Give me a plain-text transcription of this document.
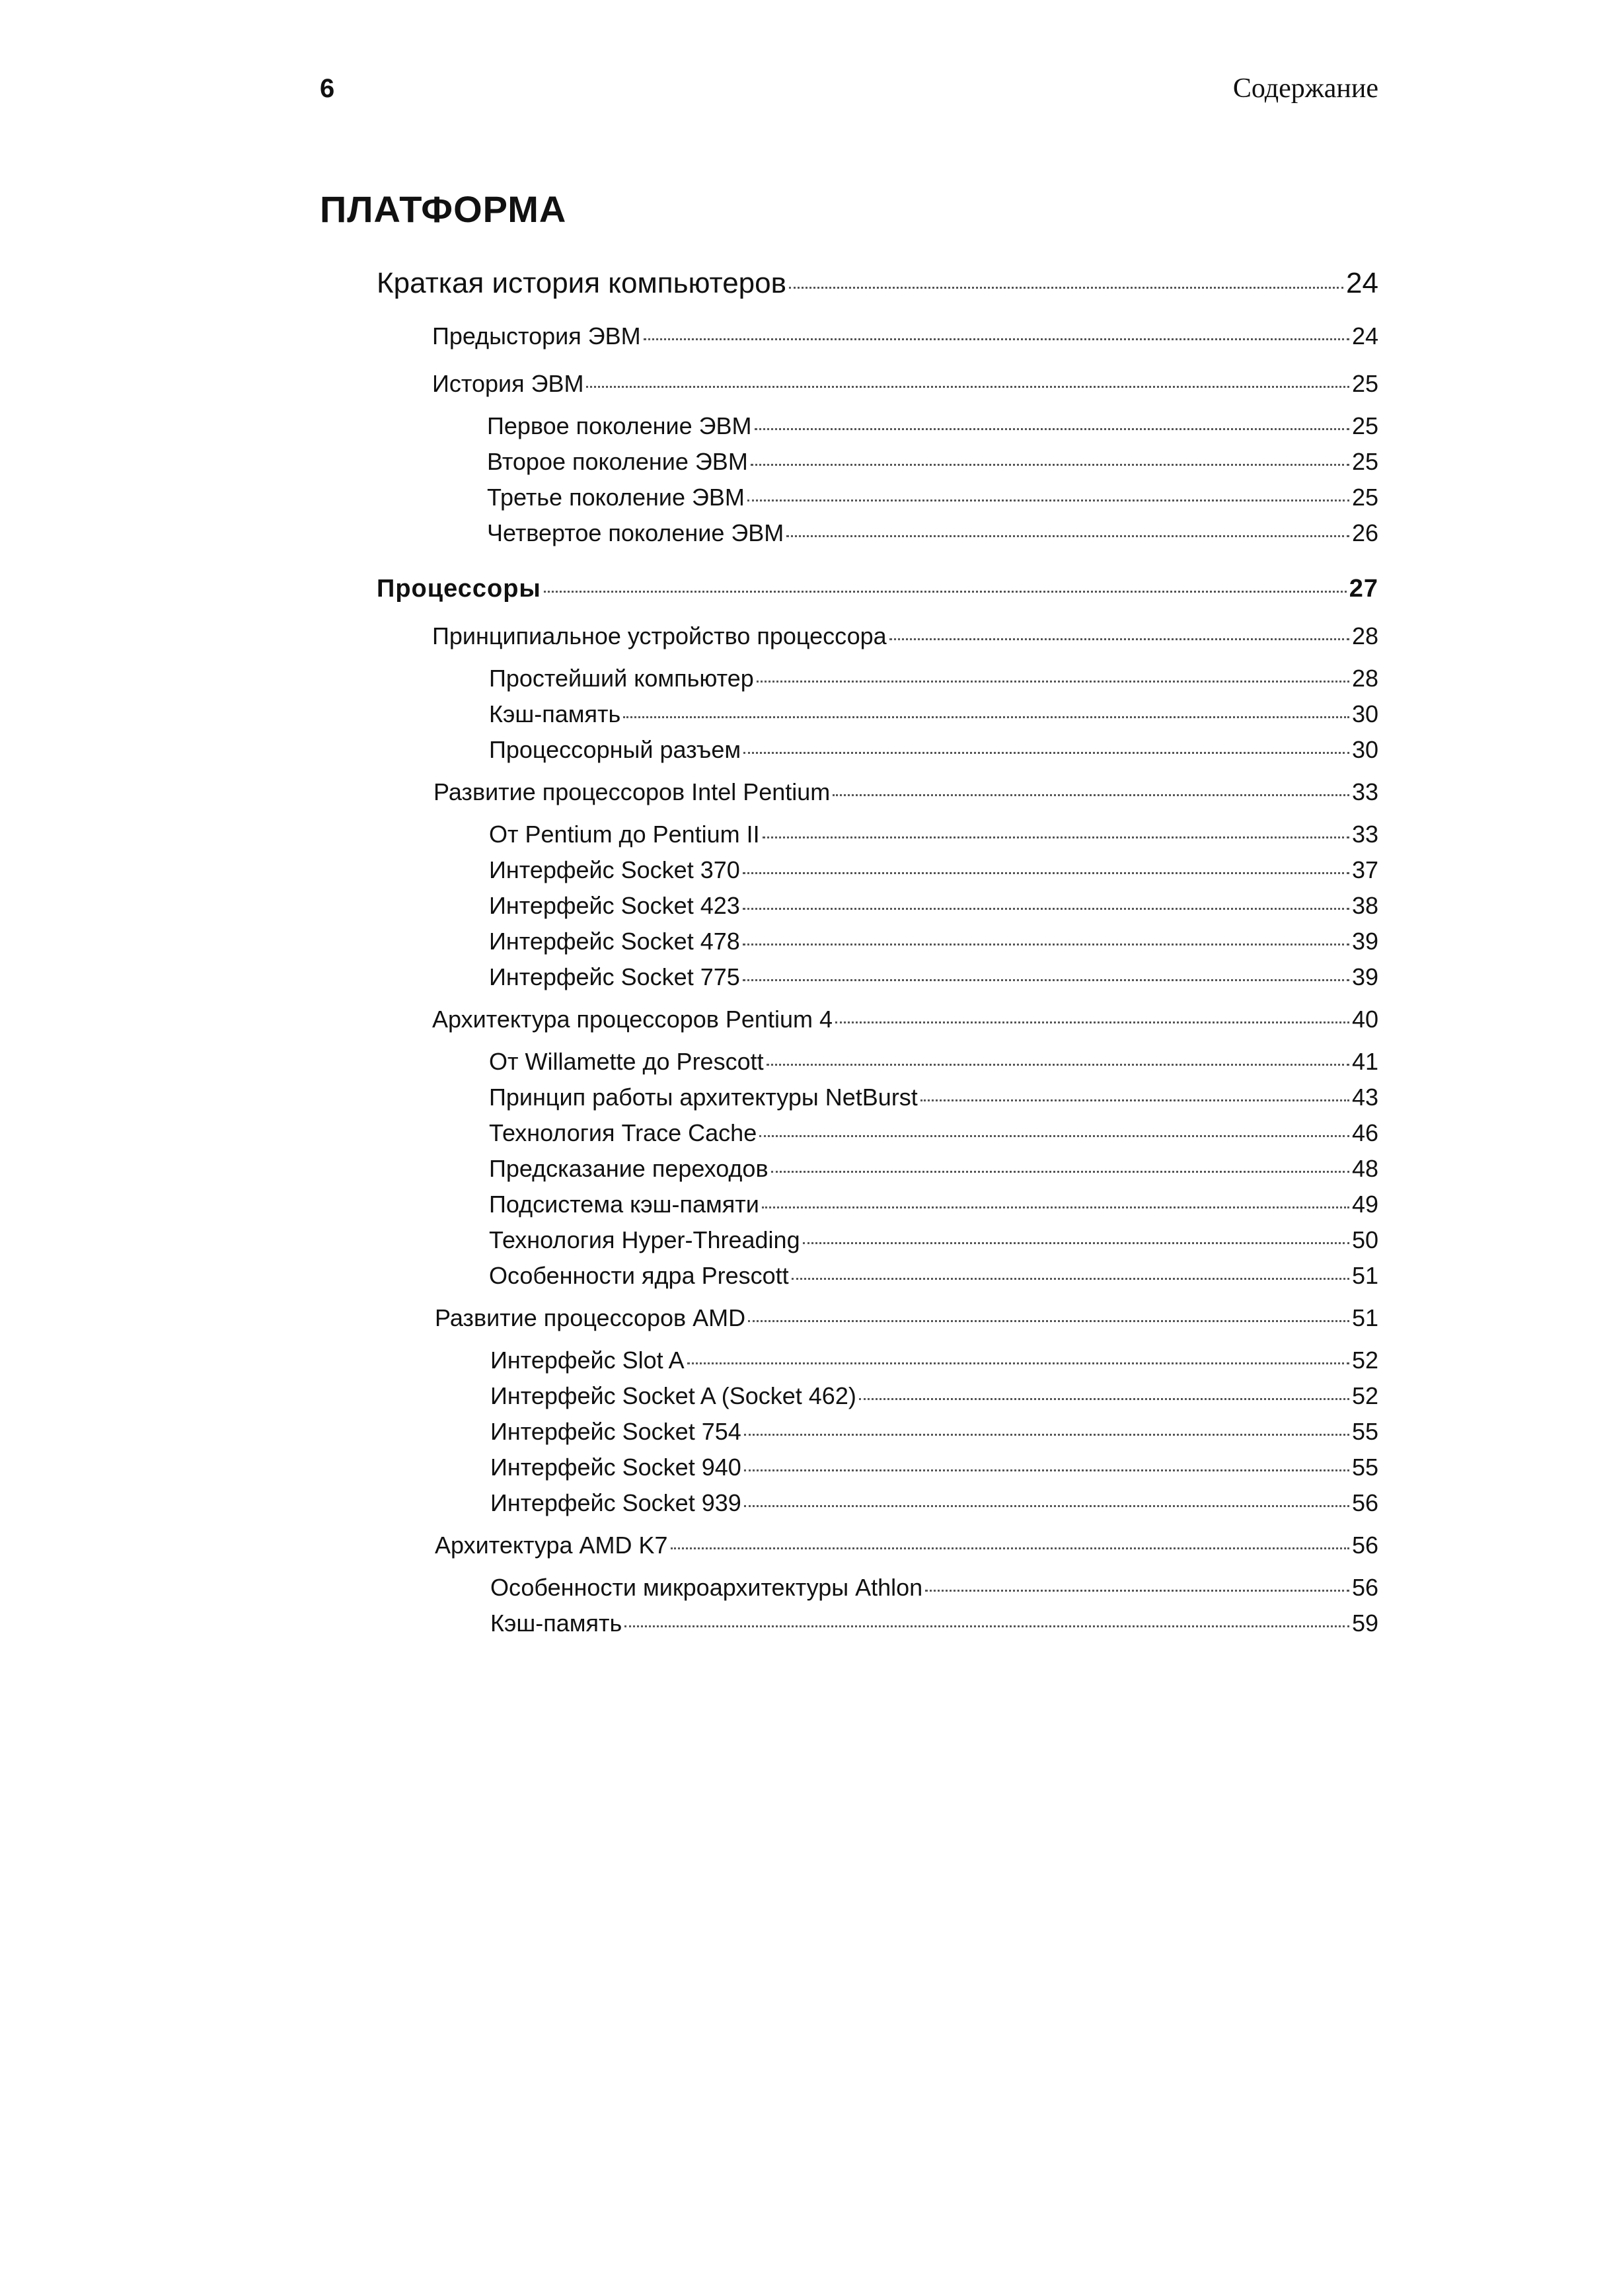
6	Содержание
ПЛАТФОРМА
Краткая история компьютеров	24
Предыстория ЭВМ	24
История ЭВМ	25
Первое поколение ЭВМ	25
Второе поколение ЭВМ	25
Третье поколение ЭВМ	25
Четвертое поколение ЭВМ	26
Процессоры	27
Принципиальное устройство процессора	28
Простейший компьютер	28
Кэш-память	30
Процессорный разъем	30
Развитие процессоров Intel Pentium	33
От Pentium до Pentium II	33
Интерфейс Socket 370	37
Интерфейс Socket 423	38
Интерфейс Socket 478	39
Интерфейс Socket 775	39
Архитектура процессоров Pentium 4	40
От Willamette до Prescott	41
Принцип работы архитектуры NetBurst	43
Технология Trace Cache	46
Предсказание переходов	48
Подсистема кэш-памяти	49
Технология Hyper-Threading	50
Особенности ядра Prescott	51
Развитие процессоров AMD	51
Интерфейс Slot A	52
Интерфейс Socket A (Socket 462)	52
Интерфейс Socket 754	55
Интерфейс Socket 940	55
Интерфейс Socket 939	56
Архитектура AMD K7	56
Особенности микроархитектуры Athlon	56
Кэш-память	59
